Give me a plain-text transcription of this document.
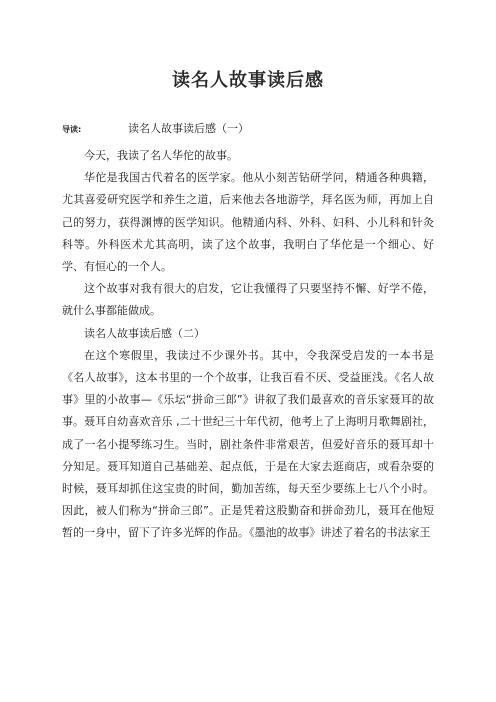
读名人故事读后感
导读:	读名人故事读后感（一）

今天，我读了名人华佗的故事。

华佗是我国古代着名的医学家。他从小刻苦钻研学问，精通各种典籍，尤其喜爱研究医学和养生之道，后来他去各地游学，拜名医为师，再加上自己的努力，获得渊博的医学知识。他精通内科、外科、妇科、小儿科和针灸科等。外科医术尤其高明，读了这个故事，我明白了华佗是一个细心、好学、有恒心的一个人。

这个故事对我有很大的启发，它让我懂得了只要坚持不懈、好学不倦，就什么事都能做成。

读名人故事读后感（二）

在这个寒假里，我读过不少课外书。其中，令我深受启发的一本书是《名人故事》，这本书里的一个个故事，让我百看不厌、受益匪浅。《名人故事》里的小故事—《乐坛“拼命三郎”》讲叙了我们最喜欢的音乐家聂耳的故事。聂耳自幼喜欢音乐 ,二十世纪三十年代初，他考上了上海明月歌舞剧社，成了一名小提琴练习生。当时，剧社条件非常艰苦，但爱好音乐的聂耳却十分知足。聂耳知道自己基础差、起点低，于是在大家去逛商店，或看杂耍的时候，聂耳却抓住这宝贵的时间，勤加苦练，每天至少要练上七八个小时。因此，被人们称为“拼命三郎”。正是凭着这股勤奋和拼命劲儿，聂耳在他短暂的一身中，留下了许多光辉的作品。《墨池的故事》讲述了着名的书法家王
